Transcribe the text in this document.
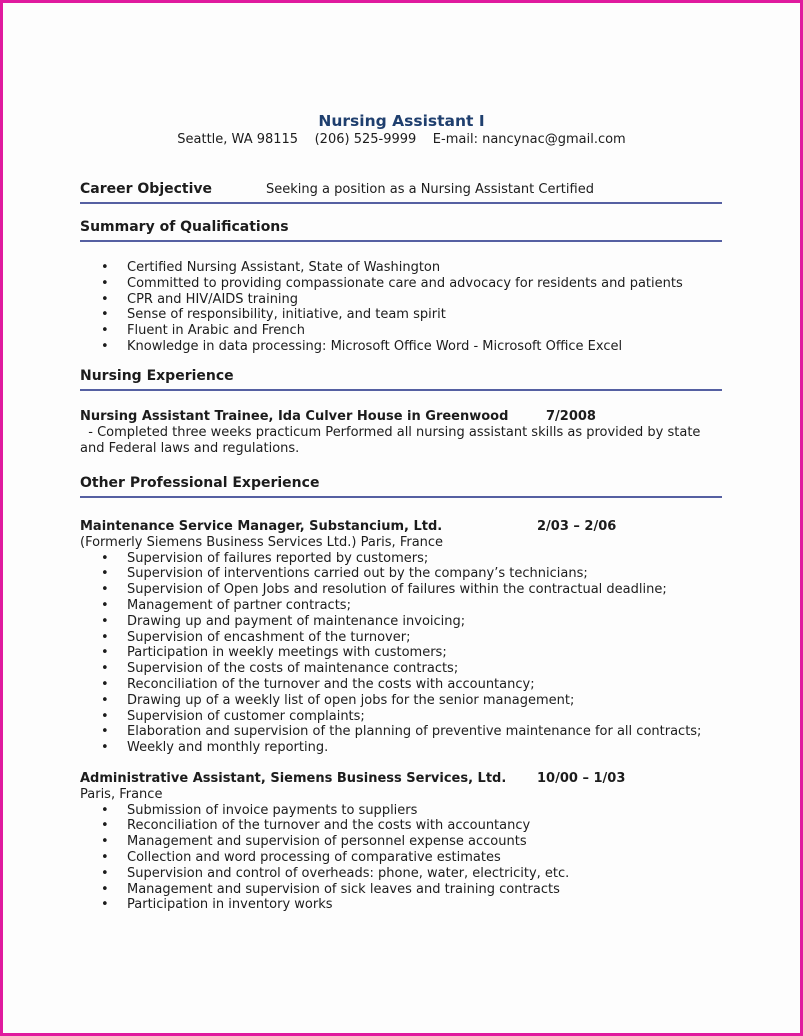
Nursing Assistant I
Seattle, WA 98115    (206) 525-9999    E-mail: nancynac@gmail.com
Career Objective	Seeking a position as a Nursing Assistant Certified
Summary of Qualifications
• Certified Nursing Assistant, State of Washington
• Committed to providing compassionate care and advocacy for residents and patients
• CPR and HIV/AIDS training
• Sense of responsibility, initiative, and team spirit
• Fluent in Arabic and French
• Knowledge in data processing: Microsoft Office Word - Microsoft Office Excel
Nursing Experience
Nursing Assistant Trainee, Ida Culver House in Greenwood	7/2008
- Completed three weeks practicum Performed all nursing assistant skills as provided by state
and Federal laws and regulations.
Other Professional Experience
Maintenance Service Manager, Substancium, Ltd.	2/03 – 2/06
(Formerly Siemens Business Services Ltd.) Paris, France
• Supervision of failures reported by customers;
• Supervision of interventions carried out by the company’s technicians;
• Supervision of Open Jobs and resolution of failures within the contractual deadline;
• Management of partner contracts;
• Drawing up and payment of maintenance invoicing;
• Supervision of encashment of the turnover;
• Participation in weekly meetings with customers;
• Supervision of the costs of maintenance contracts;
• Reconciliation of the turnover and the costs with accountancy;
• Drawing up of a weekly list of open jobs for the senior management;
• Supervision of customer complaints;
• Elaboration and supervision of the planning of preventive maintenance for all contracts;
• Weekly and monthly reporting.
Administrative Assistant, Siemens Business Services, Ltd. 10/00 – 1/03
Paris, France
• Submission of invoice payments to suppliers
• Reconciliation of the turnover and the costs with accountancy
• Management and supervision of personnel expense accounts
• Collection and word processing of comparative estimates
• Supervision and control of overheads: phone, water, electricity, etc.
• Management and supervision of sick leaves and training contracts
• Participation in inventory works
